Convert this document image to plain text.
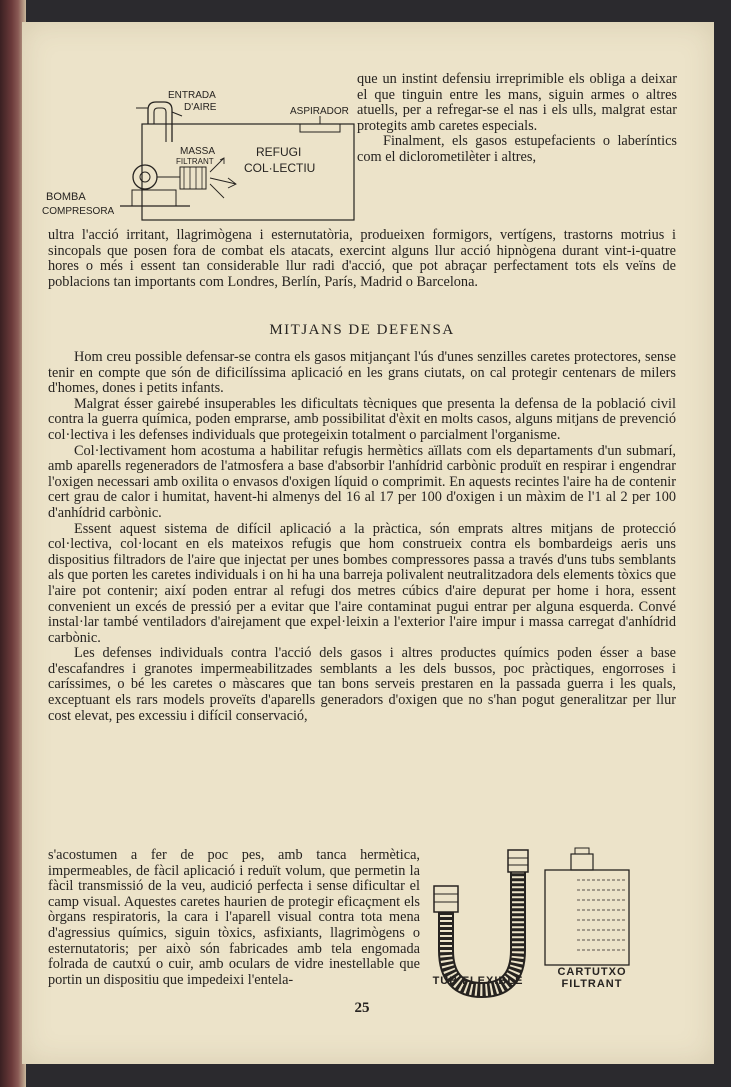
ENTRADA
D'AIRE	ASPIRADOR
MASSA
FILTRANT
REFUGI
COL·LECTIU
BOMBA
COMPRESORA

que un instint defensiu irreprimible els obliga a deixar el que tinguin entre les mans, siguin armes o altres atuells, per a refregar-se el nas i els ulls, malgrat estar protegits amb caretes especials.

Finalment, els gasos estupefacients o laberíntics com el diclorometilèter i altres,

ultra l'acció irritant, llagrimògena i esternutatòria, produeixen formigors, vertígens, trastorns motrius i sincopals que posen fora de combat els atacats, exercint alguns llur acció hipnògena durant vint-i-quatre hores o més i essent tan considerable llur radi d'acció, que pot abraçar perfectament tots els veïns de poblacions tan importants com Londres, Berlín, París, Madrid o Barcelona.

MITJANS DE DEFENSA

Hom creu possible defensar-se contra els gasos mitjançant l'ús d'unes senzilles caretes protectores, sense tenir en compte que són de dificilíssima aplicació en les grans ciutats, on cal protegir centenars de milers d'homes, dones i petits infants.

Malgrat ésser gairebé insuperables les dificultats tècniques que presenta la defensa de la població civil contra la guerra química, poden emprarse, amb possibilitat d'èxit en molts casos, alguns mitjans de prevenció col·lectiva i les defenses individuals que protegeixin totalment o parcialment l'organisme.

Col·lectivament hom acostuma a habilitar refugis hermètics aïllats com els departaments d'un submarí, amb aparells regeneradors de l'atmosfera a base d'absorbir l'anhídrid carbònic produït en respirar i engendrar l'oxigen necessari amb oxilita o envasos d'oxigen líquid o comprimit. En aquests recintes l'aire ha de contenir cert grau de calor i humitat, havent-hi almenys del 16 al 17 per 100 d'oxigen i un màxim de l'1 al 2 per 100 d'anhídrid carbònic.

Essent aquest sistema de difícil aplicació a la pràctica, són emprats altres mitjans de protecció col·lectiva, col·locant en els mateixos refugis que hom construeix contra els bombardeigs aeris uns dispositius filtradors de l'aire que injectat per unes bombes compressores passa a través d'uns tubs semblants als que porten les caretes individuals i on hi ha una barreja polivalent neutralitzadora dels elements tòxics que l'aire pot contenir; així poden entrar al refugi dos metres cúbics d'aire depurat per home i hora, essent convenient un excés de pressió per a evitar que l'aire contaminat pugui entrar per alguna esquerda. Convé instal·lar també ventiladors d'airejament que expel·leixin a l'exterior l'aire impur i massa carregat d'anhídrid carbònic.

Les defenses individuals contra l'acció dels gasos i altres productes químics poden ésser a base d'escafandres i granotes impermeabilitzades semblants a les dels bussos, poc pràctiques, engorroses i caríssimes, o bé les caretes o màscares que tan bons serveis prestaren en la passada guerra i les quals, exceptuant els rars models proveïts d'aparells generadors d'oxigen que no s'han pogut generalitzar per llur cost elevat, pes excessiu i difícil conservació,

s'acostumen a fer de poc pes, amb tanca hermètica, impermeables, de fàcil aplicació i reduït volum, que permetin la fàcil transmissió de la veu, audició perfecta i sense dificultar el camp visual. Aquestes caretes haurien de protegir eficaçment els òrgans respiratoris, la cara i l'aparell visual contra tota mena d'agressius químics, siguin tòxics, asfixiants, llagrimògens o esternutatoris; per això són fabricades amb tela engomada folrada de cautxú o cuir, amb oculars de vidre inestellable que portin un dispositiu que impedeixi l'entela-	TUB FLEXIBLE
CARTUTXO
FILTRANT
25
